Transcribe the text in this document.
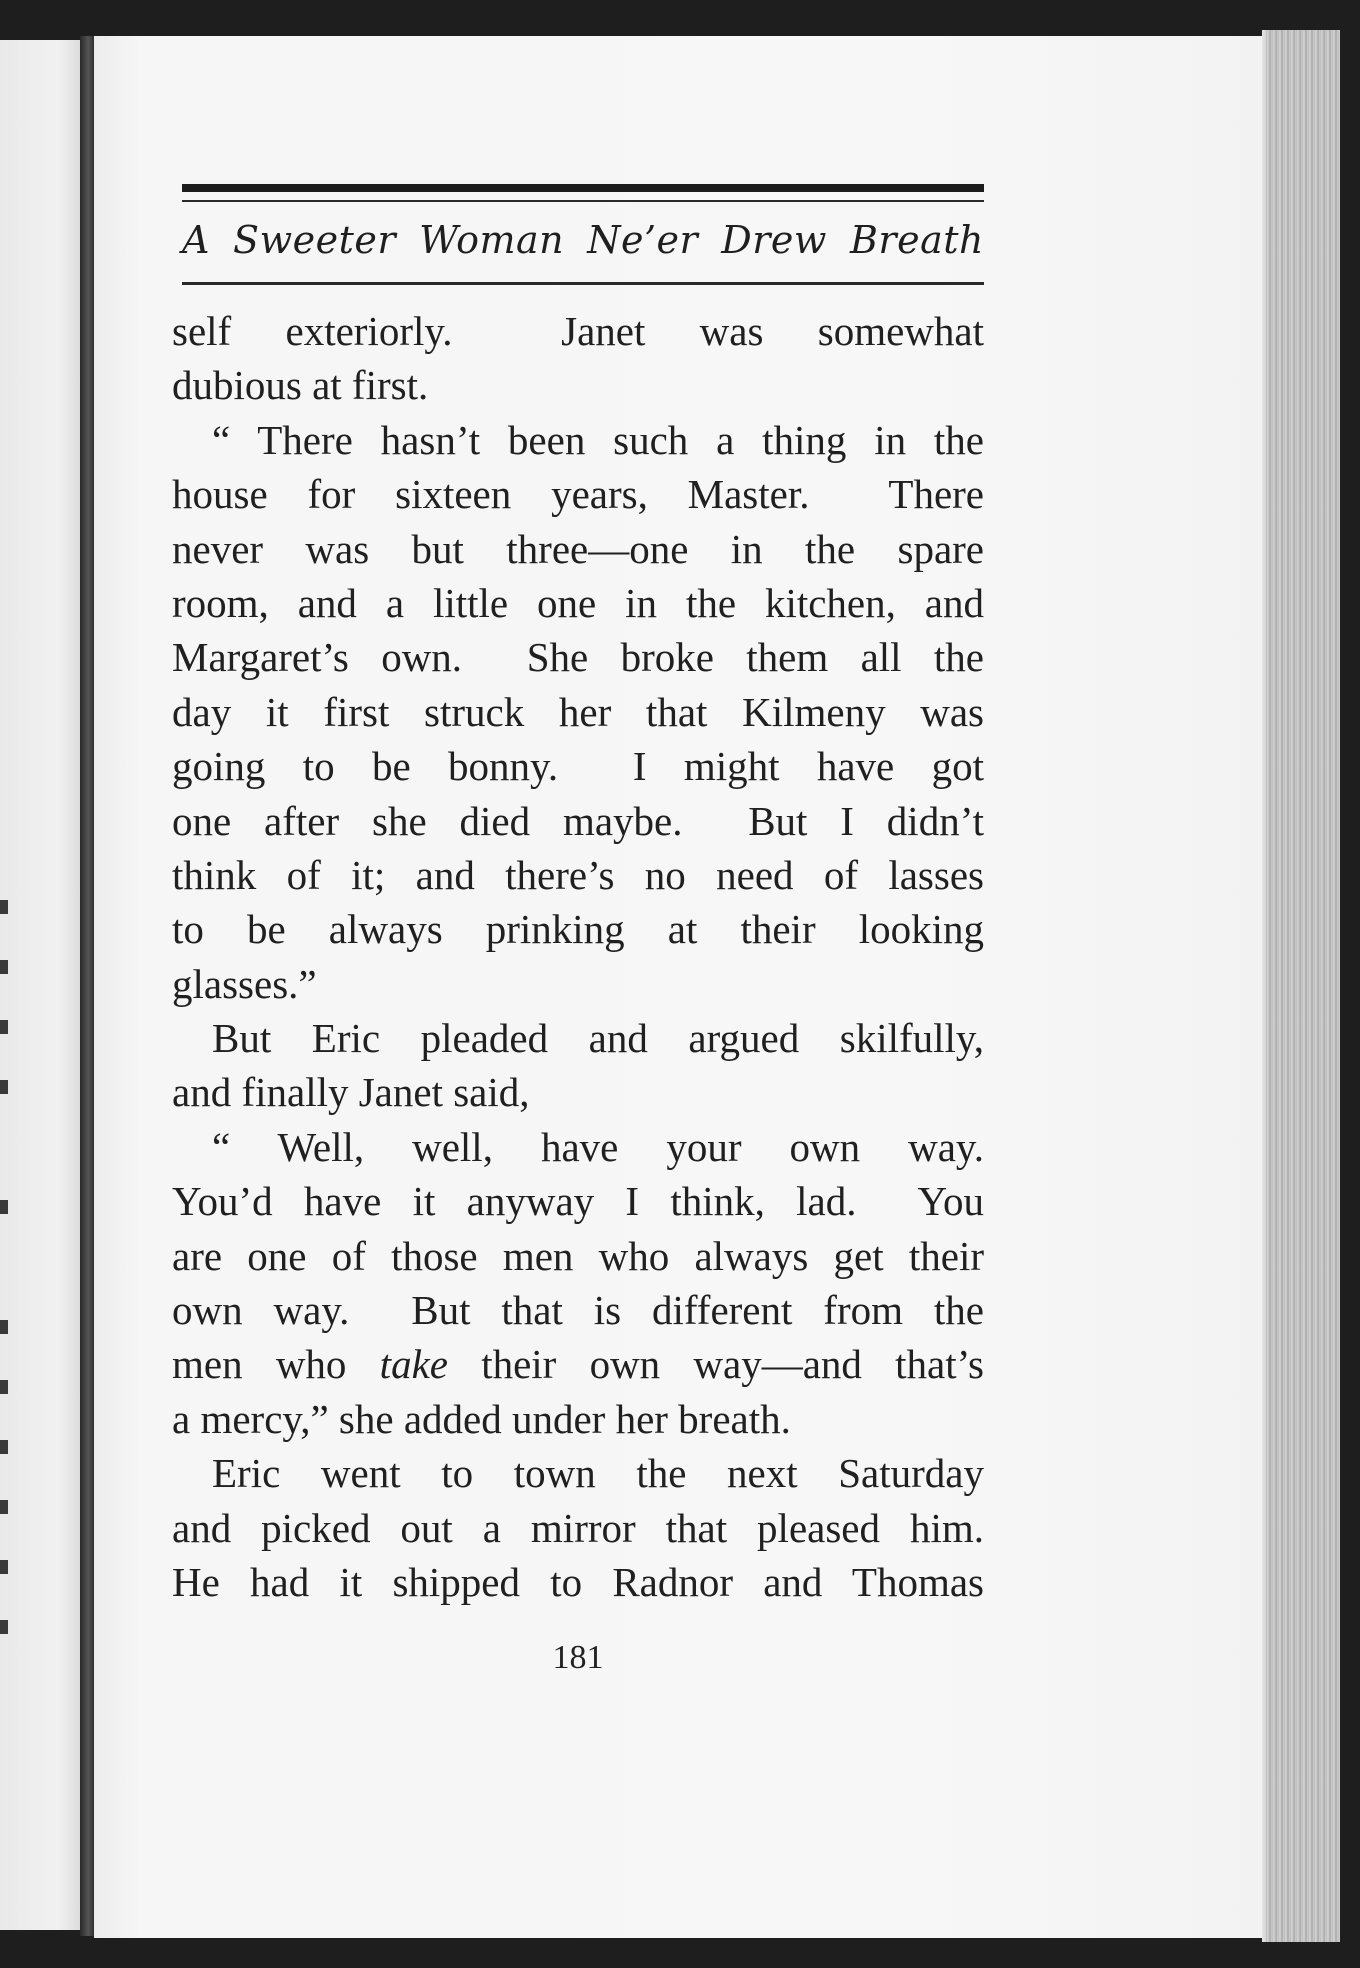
A Sweeter Woman Ne’er Drew Breath
self exteriorly.  Janet was somewhat
dubious at first.
“ There hasn’t been such a thing in the
house for sixteen years, Master.  There
never was but three—one in the spare
room, and a little one in the kitchen, and
Margaret’s own.  She broke them all the
day it first struck her that Kilmeny was
going to be bonny.  I might have got
one after she died maybe.  But I didn’t
think of it; and there’s no need of lasses
to be always prinking at their looking
glasses.”
But Eric pleaded and argued skilfully,
and finally Janet said,
“ Well, well, have your own way.
You’d have it anyway I think, lad.  You
are one of those men who always get their
own way.  But that is different from the
men who take their own way—and that’s
a mercy,” she added under her breath.
Eric went to town the next Saturday
and picked out a mirror that pleased him.
He had it shipped to Radnor and Thomas
181
